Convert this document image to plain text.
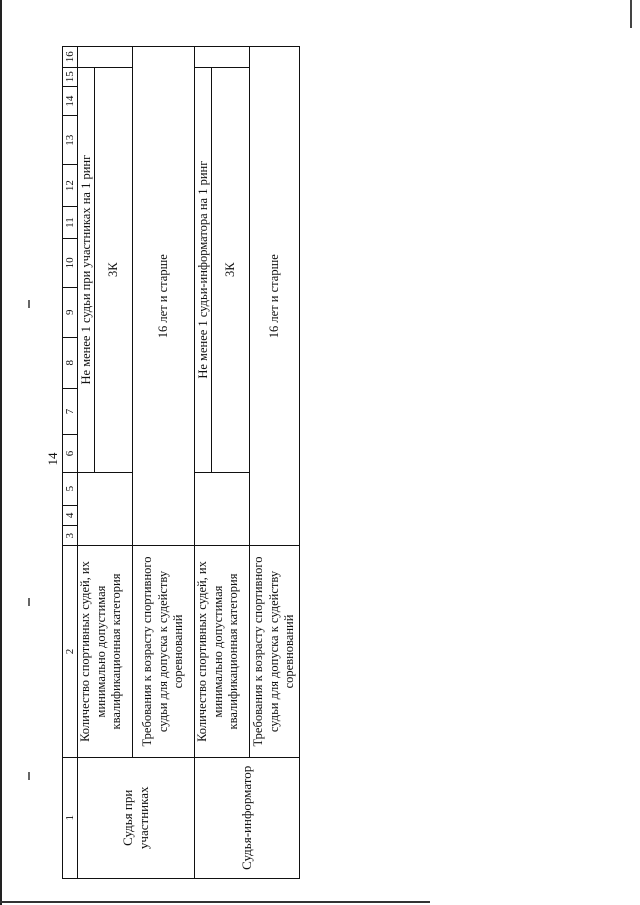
14
1	2	3	4	5	6	7	8	9	10	11	12	13	14	15	16
Судья при участниках	Количество спортивных судей, их минимально допустимая квалификационная категория				Не менее 1 судьи при участниках на 1 ринг										
					3К										
	Требования к возрасту спортивного судьи для допуска к судейству соревнований	16 лет и старше													
Судья-информатор	Количество спортивных судей, их минимально допустимая квалификационная категория				Не менее 1 судьи-информатора на 1 ринг										
					3К										
	Требования к возрасту спортивного судьи для допуска к судейству соревнований	16 лет и старше													
